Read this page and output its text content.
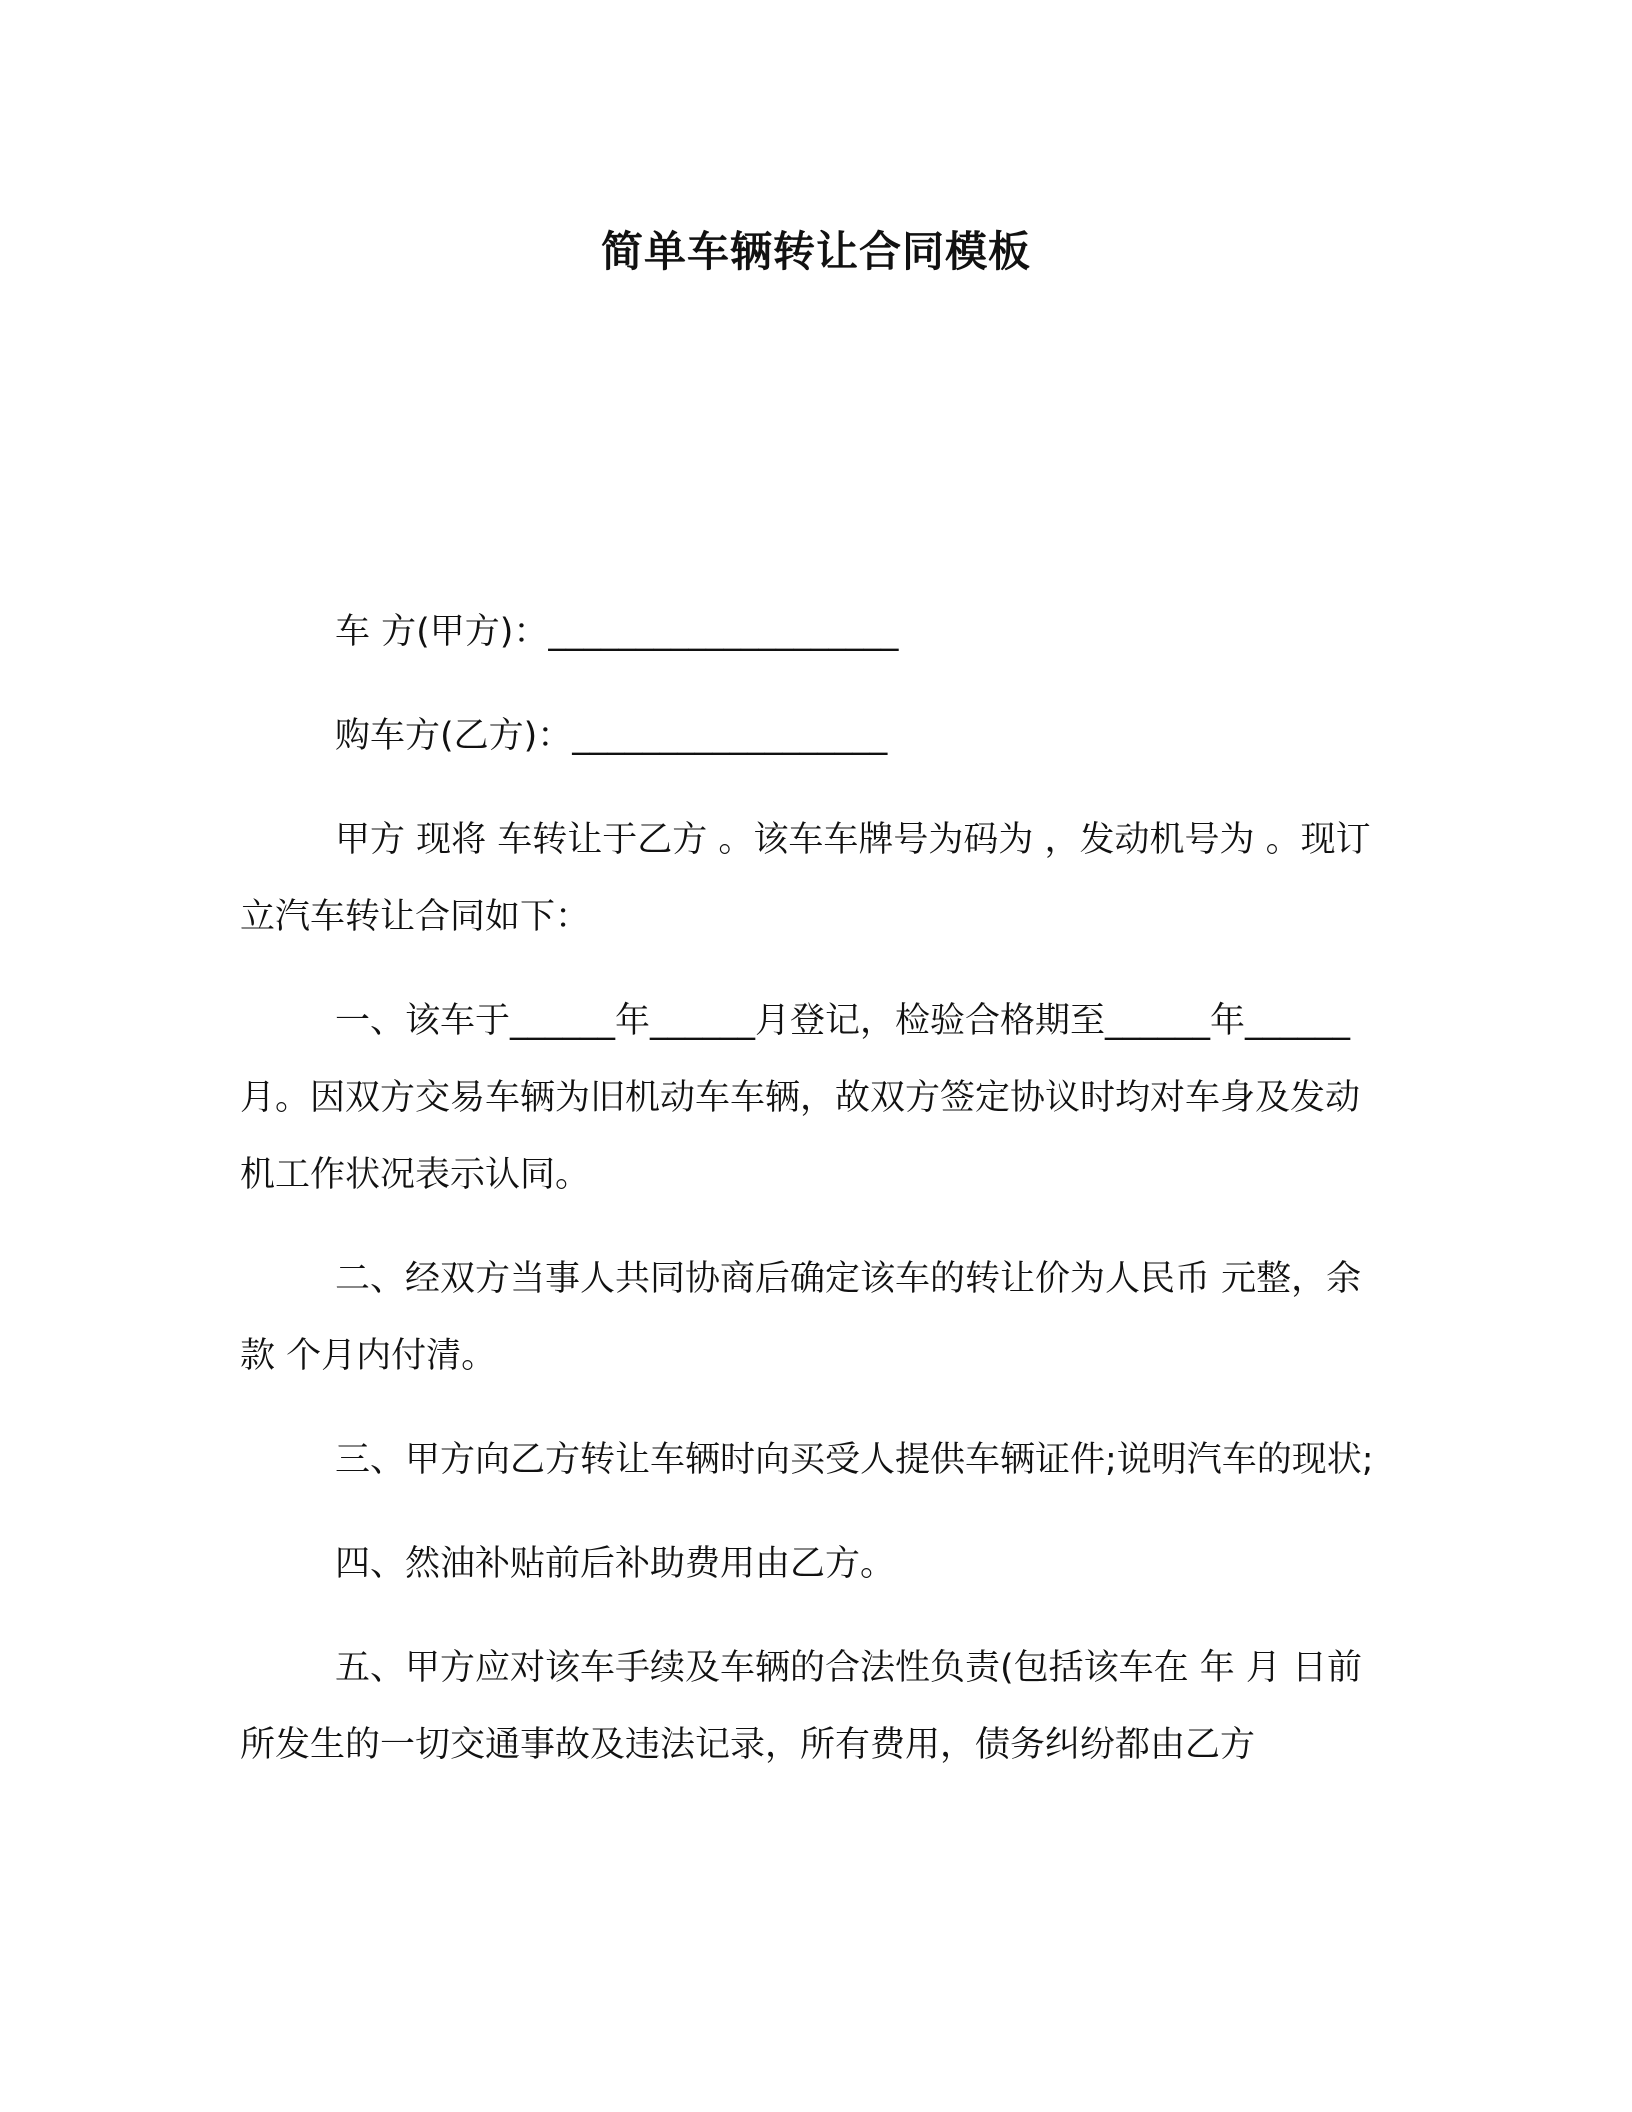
简单车辆转让合同模板

车 方(甲方)：____________________

购车方(乙方)：__________________

甲方 现将 车转让于乙方 。该车车牌号为码为 ，发动机号为 。现订立汽车转让合同如下：

一、该车于______年______月登记，检验合格期至______年______月。因双方交易车辆为旧机动车车辆，故双方签定协议时均对车身及发动机工作状况表示认同。

二、经双方当事人共同协商后确定该车的转让价为人民币 元整，余款 个月内付清。

三、甲方向乙方转让车辆时向买受人提供车辆证件;说明汽车的现状;

四、然油补贴前后补助费用由乙方。

五、甲方应对该车手续及车辆的合法性负责(包括该车在 年 月 日前所发生的一切交通事故及违法记录，所有费用，债务纠纷都由乙方
